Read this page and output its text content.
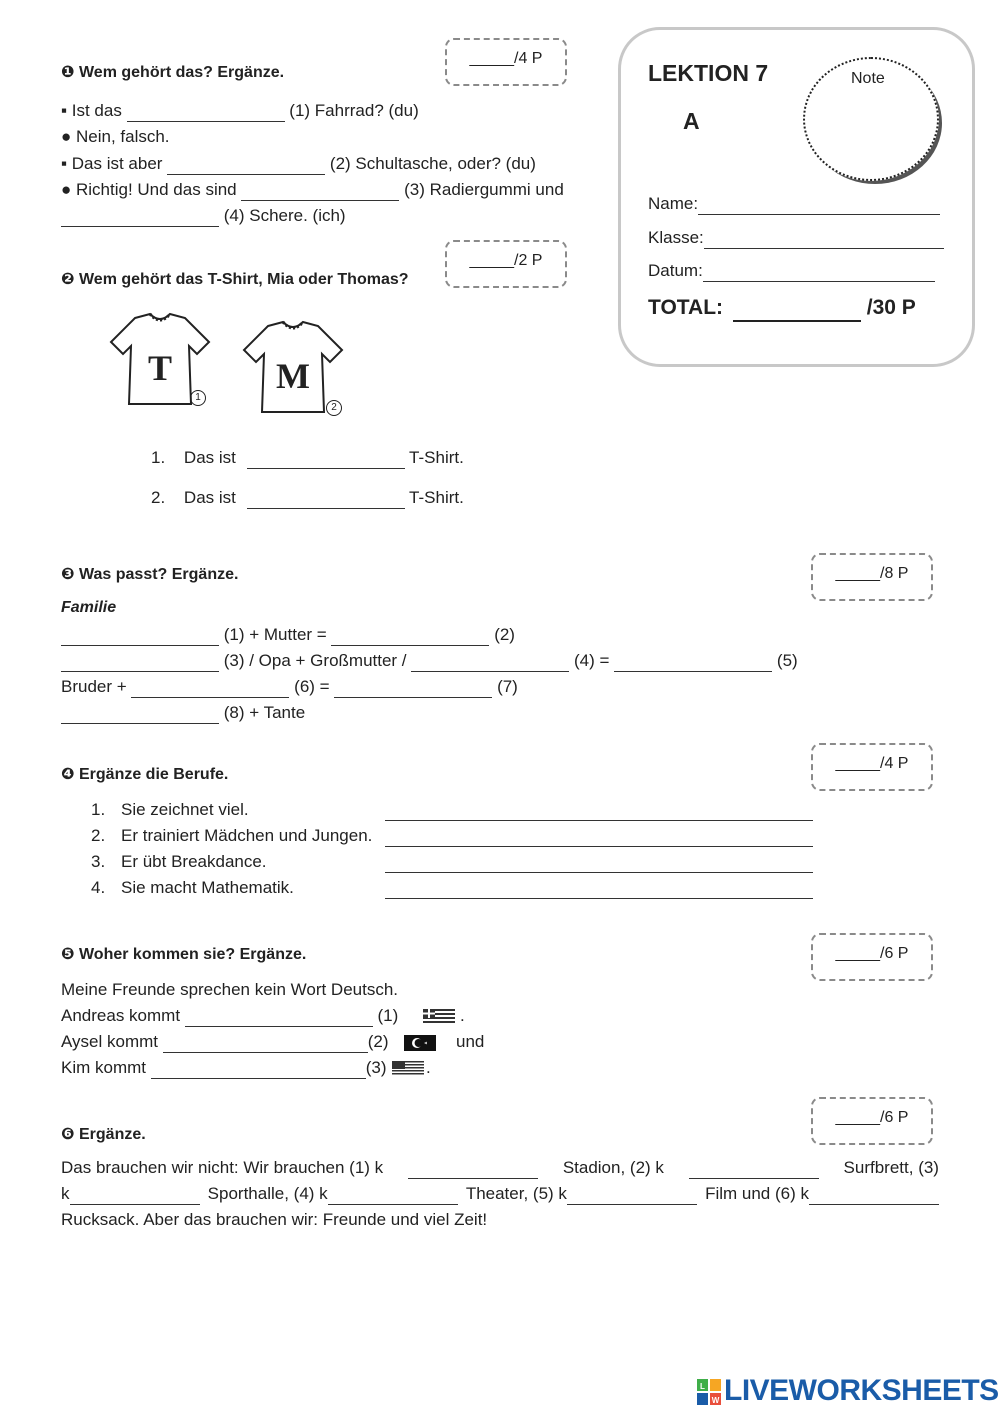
LEKTION 7
A
Note
Name:
Klasse:
Datum:
TOTAL:	/30 P
❶ Wem gehört das? Ergänze.
_____/4 P
▪ Ist das	(1) Fahrrad? (du)
● Nein, falsch.
▪ Das ist aber	(2) Schultasche, oder? (du)
● Richtig! Und das sind	(3) Radiergummi und
(4) Schere. (ich)
❷ Wem gehört das T-Shirt, Mia oder Thomas?
_____/2 P
T
1
M
2
1. Das ist	T-Shirt.
2. Das ist	T-Shirt.
❸ Was passt? Ergänze.	_____/8 P
Familie
(1) + Mutter =	(2)
(3) / Opa + Großmutter /	(4) =	(5)
Bruder +	(6) =	(7)
(8) + Tante
❹ Ergänze die Berufe.
_____/4 P
1. Sie zeichnet viel.
2. Er trainiert Mädchen und Jungen.
3. Er übt Breakdance.
4. Sie macht Mathematik.
❺ Woher kommen sie? Ergänze.	_____/6 P
Meine Freunde sprechen kein Wort Deutsch.
Andreas kommt	(1)	.
Aysel kommt	(2)	und
Kim kommt	(3) .
❻ Ergänze.
_____/6 P
Das brauchen wir nicht: Wir brauchen (1) k	Stadion, (2) k	Surfbrett, (3)
k	Sporthalle, (4) k	Theater, (5) k	Film und (6) k
Rucksack. Aber das brauchen wir: Freunde und viel Zeit!
L
W LIVEWORKSHEETS
